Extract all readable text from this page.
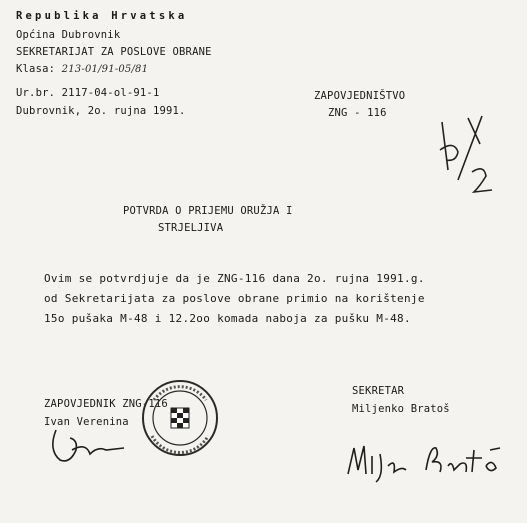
Republika Hrvatska
Općina Dubrovnik
SEKRETARIJAT ZA POSLOVE OBRANE
Klasa: 213-01/91-05/81
Ur.br. 2117-04-ol-91-1
Dubrovnik, 2o. rujna 1991.
ZAPOVJEDNIŠTVO
ZNG - 116
POTVRDA O PRIJEMU ORUŽJA I
STRJELJIVA
Ovim se potvrdjuje da je ZNG-116 dana 2o. rujna 1991.g.
od Sekretarijata za poslove obrane primio na korištenje
15o pušaka M-48 i 12.2oo komada naboja za pušku M-48.
ZAPOVJEDNIK ZNG-116
Ivan Verenina
SEKRETAR
Miljenko Bratoš
